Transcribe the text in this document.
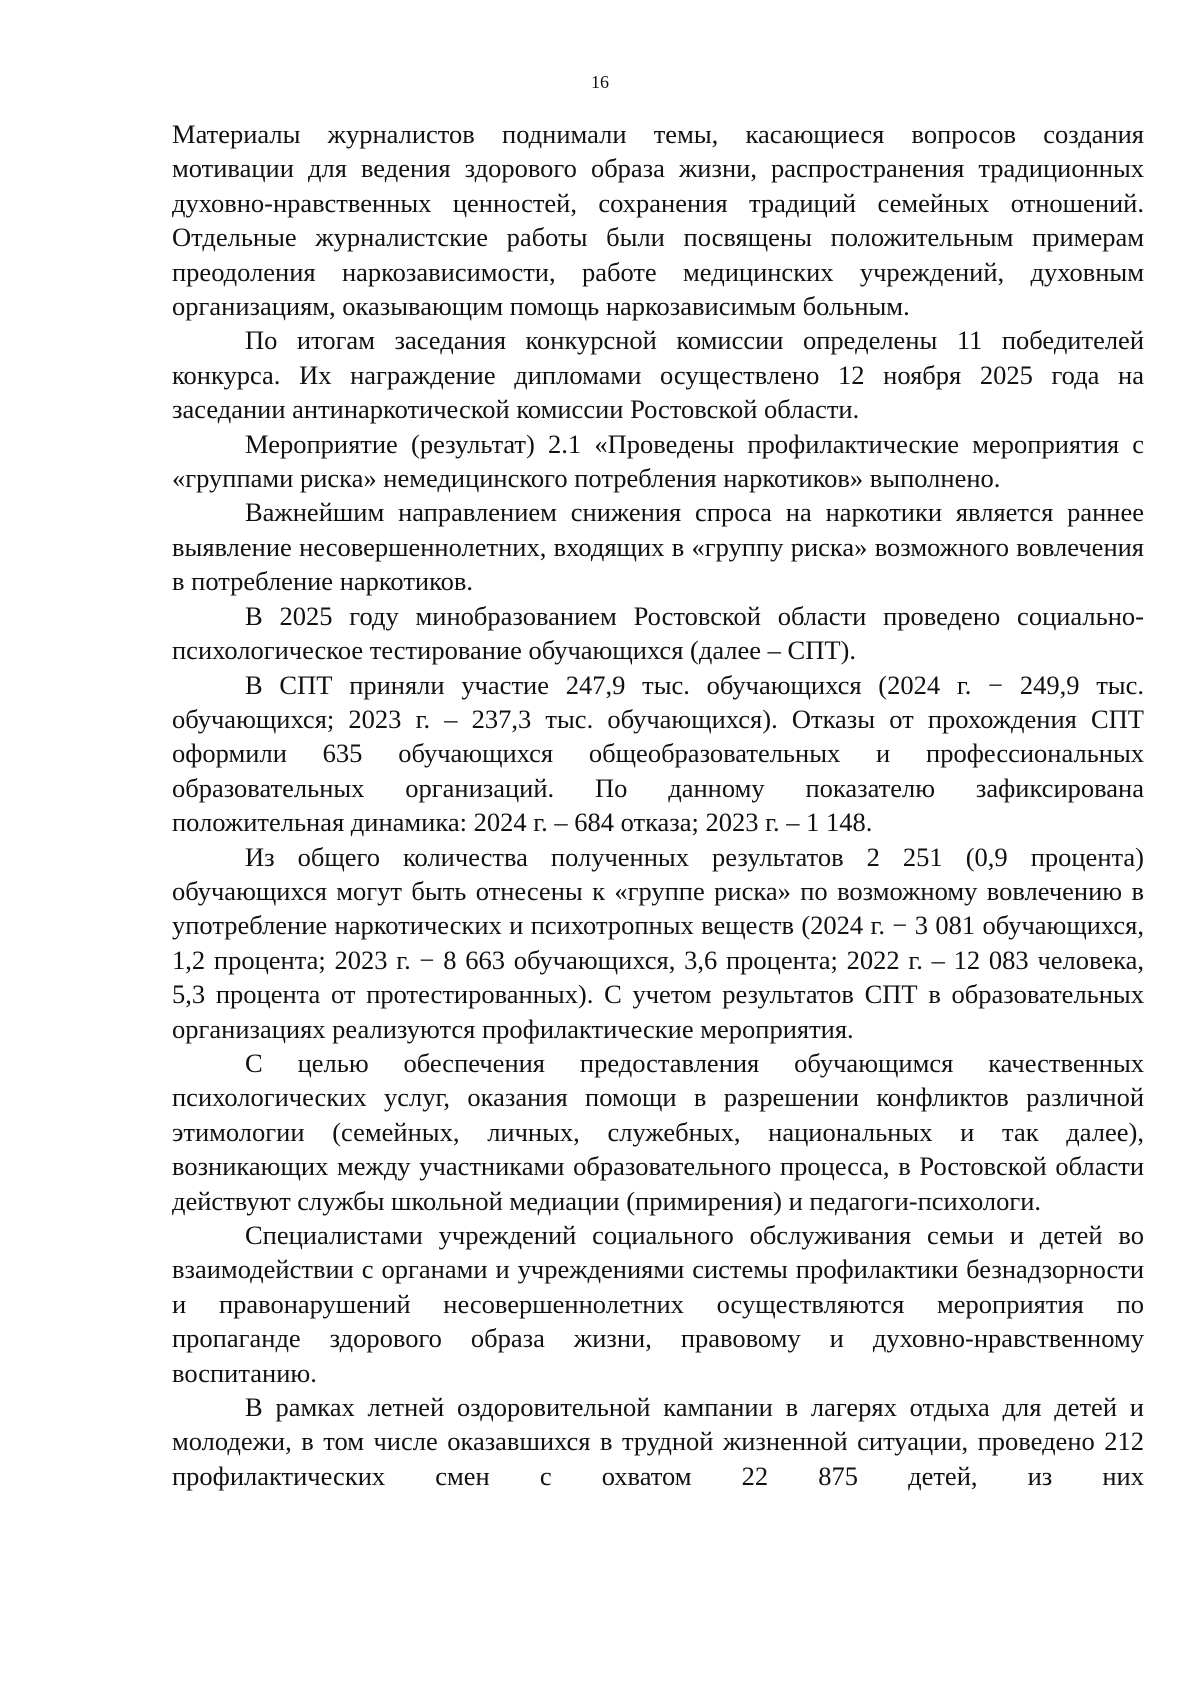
16

Материалы журналистов поднимали темы, касающиеся вопросов создания мотивации для ведения здорового образа жизни, распространения традиционных духовно-нравственных ценностей, сохранения традиций семейных отношений. Отдельные журналистские работы были посвящены положительным примерам преодоления наркозависимости, работе медицинских учреждений, духовным организациям, оказывающим помощь наркозависимым больным.

По итогам заседания конкурсной комиссии определены 11 победителей конкурса. Их награждение дипломами осуществлено 12 ноября 2025 года на заседании антинаркотической комиссии Ростовской области.

Мероприятие (результат) 2.1 «Проведены профилактические мероприятия с «группами риска» немедицинского потребления наркотиков» выполнено.

Важнейшим направлением снижения спроса на наркотики является раннее выявление несовершеннолетних, входящих в «группу риска» возможного вовлечения в потребление наркотиков.

В 2025 году минобразованием Ростовской области проведено социально-психологическое тестирование обучающихся (далее – СПТ).

В СПТ приняли участие 247,9 тыс. обучающихся (2024 г. − 249,9 тыс. обучающихся; 2023 г. – 237,3 тыс. обучающихся). Отказы от прохождения СПТ оформили 635 обучающихся общеобразовательных и профессиональных образовательных организаций. По данному показателю зафиксирована положительная динамика: 2024 г. – 684 отказа; 2023 г. – 1 148.

Из общего количества полученных результатов 2 251 (0,9 процента) обучающихся могут быть отнесены к «группе риска» по возможному вовлечению в употребление наркотических и психотропных веществ (2024 г. − 3 081 обучающихся, 1,2 процента; 2023 г. − 8 663 обучающихся, 3,6 процента; 2022 г. – 12 083 человека, 5,3 процента от протестированных). С учетом результатов СПТ в образовательных организациях реализуются профилактические мероприятия.

С целью обеспечения предоставления обучающимся качественных психологических услуг, оказания помощи в разрешении конфликтов различной этимологии (семейных, личных, служебных, национальных и так далее), возникающих между участниками образовательного процесса, в Ростовской области действуют службы школьной медиации (примирения) и педагоги-психологи.

Специалистами учреждений социального обслуживания семьи и детей во взаимодействии с органами и учреждениями системы профилактики безнадзорности и правонарушений несовершеннолетних осуществляются мероприятия по пропаганде здорового образа жизни, правовому и духовно-нравственному воспитанию.

В рамках летней оздоровительной кампании в лагерях отдыха для детей и молодежи, в том числе оказавшихся в трудной жизненной ситуации, проведено 212 профилактических смен с охватом 22 875 детей, из них
